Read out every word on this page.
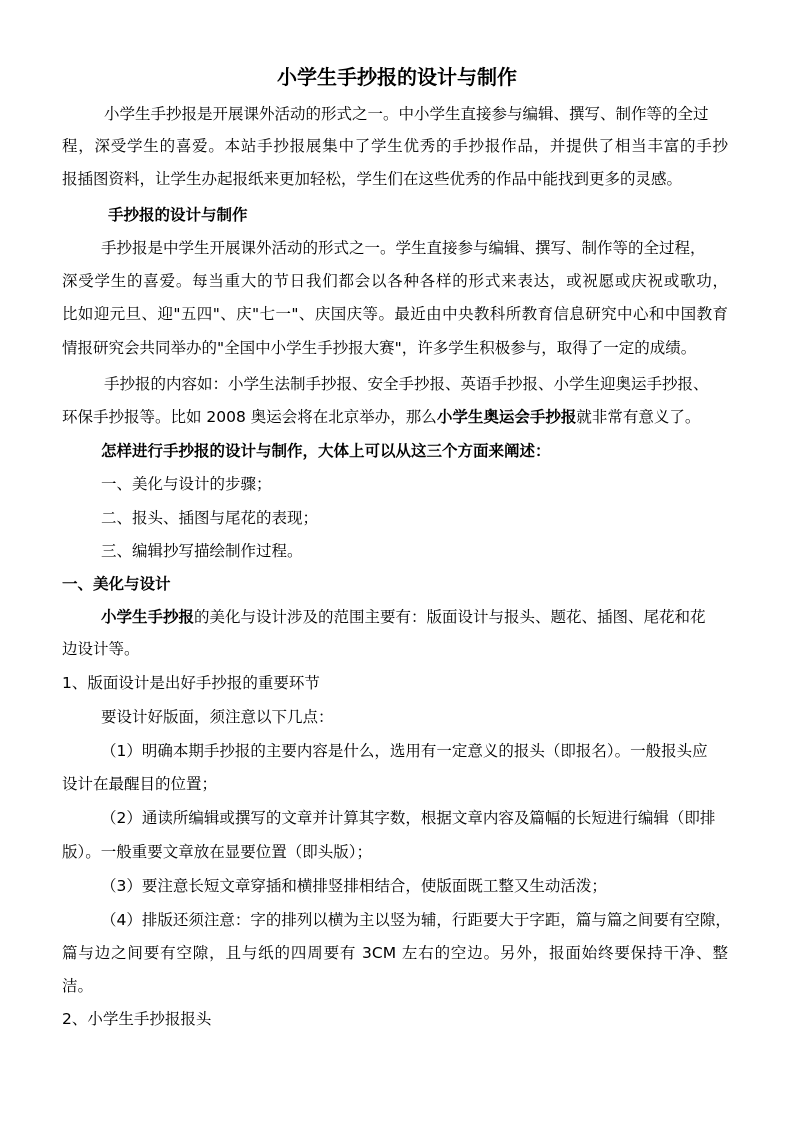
小学生手抄报的设计与制作
小学生手抄报是开展课外活动的形式之一。中小学生直接参与编辑、撰写、制作等的全过
程，深受学生的喜爱。本站手抄报展集中了学生优秀的手抄报作品，并提供了相当丰富的手抄
报插图资料，让学生办起报纸来更加轻松，学生们在这些优秀的作品中能找到更多的灵感。
手抄报的设计与制作
手抄报是中学生开展课外活动的形式之一。学生直接参与编辑、撰写、制作等的全过程，
深受学生的喜爱。每当重大的节日我们都会以各种各样的形式来表达，或祝愿或庆祝或歌功，
比如迎元旦、迎"五四"、庆"七一"、庆国庆等。最近由中央教科所教育信息研究中心和中国教育
情报研究会共同举办的"全国中小学生手抄报大赛"，许多学生积极参与，取得了一定的成绩。
手抄报的内容如：小学生法制手抄报、安全手抄报、英语手抄报、小学生迎奥运手抄报、
环保手抄报等。比如 2008 奥运会将在北京举办，那么小学生奥运会手抄报就非常有意义了。
怎样进行手抄报的设计与制作，大体上可以从这三个方面来阐述：
一、美化与设计的步骤；
二、报头、插图与尾花的表现；
三、编辑抄写描绘制作过程。
一、美化与设计
小学生手抄报的美化与设计涉及的范围主要有：版面设计与报头、题花、插图、尾花和花
边设计等。
1、版面设计是出好手抄报的重要环节
要设计好版面，须注意以下几点：
（1）明确本期手抄报的主要内容是什么，选用有一定意义的报头（即报名）。一般报头应
设计在最醒目的位置；
（2）通读所编辑或撰写的文章并计算其字数，根据文章内容及篇幅的长短进行编辑（即排
版）。一般重要文章放在显要位置（即头版）；
（3）要注意长短文章穿插和横排竖排相结合，使版面既工整又生动活泼；
（4）排版还须注意：字的排列以横为主以竖为辅，行距要大于字距，篇与篇之间要有空隙，
篇与边之间要有空隙，且与纸的四周要有 3CM 左右的空边。另外，报面始终要保持干净、整
洁。
2、小学生手抄报报头
